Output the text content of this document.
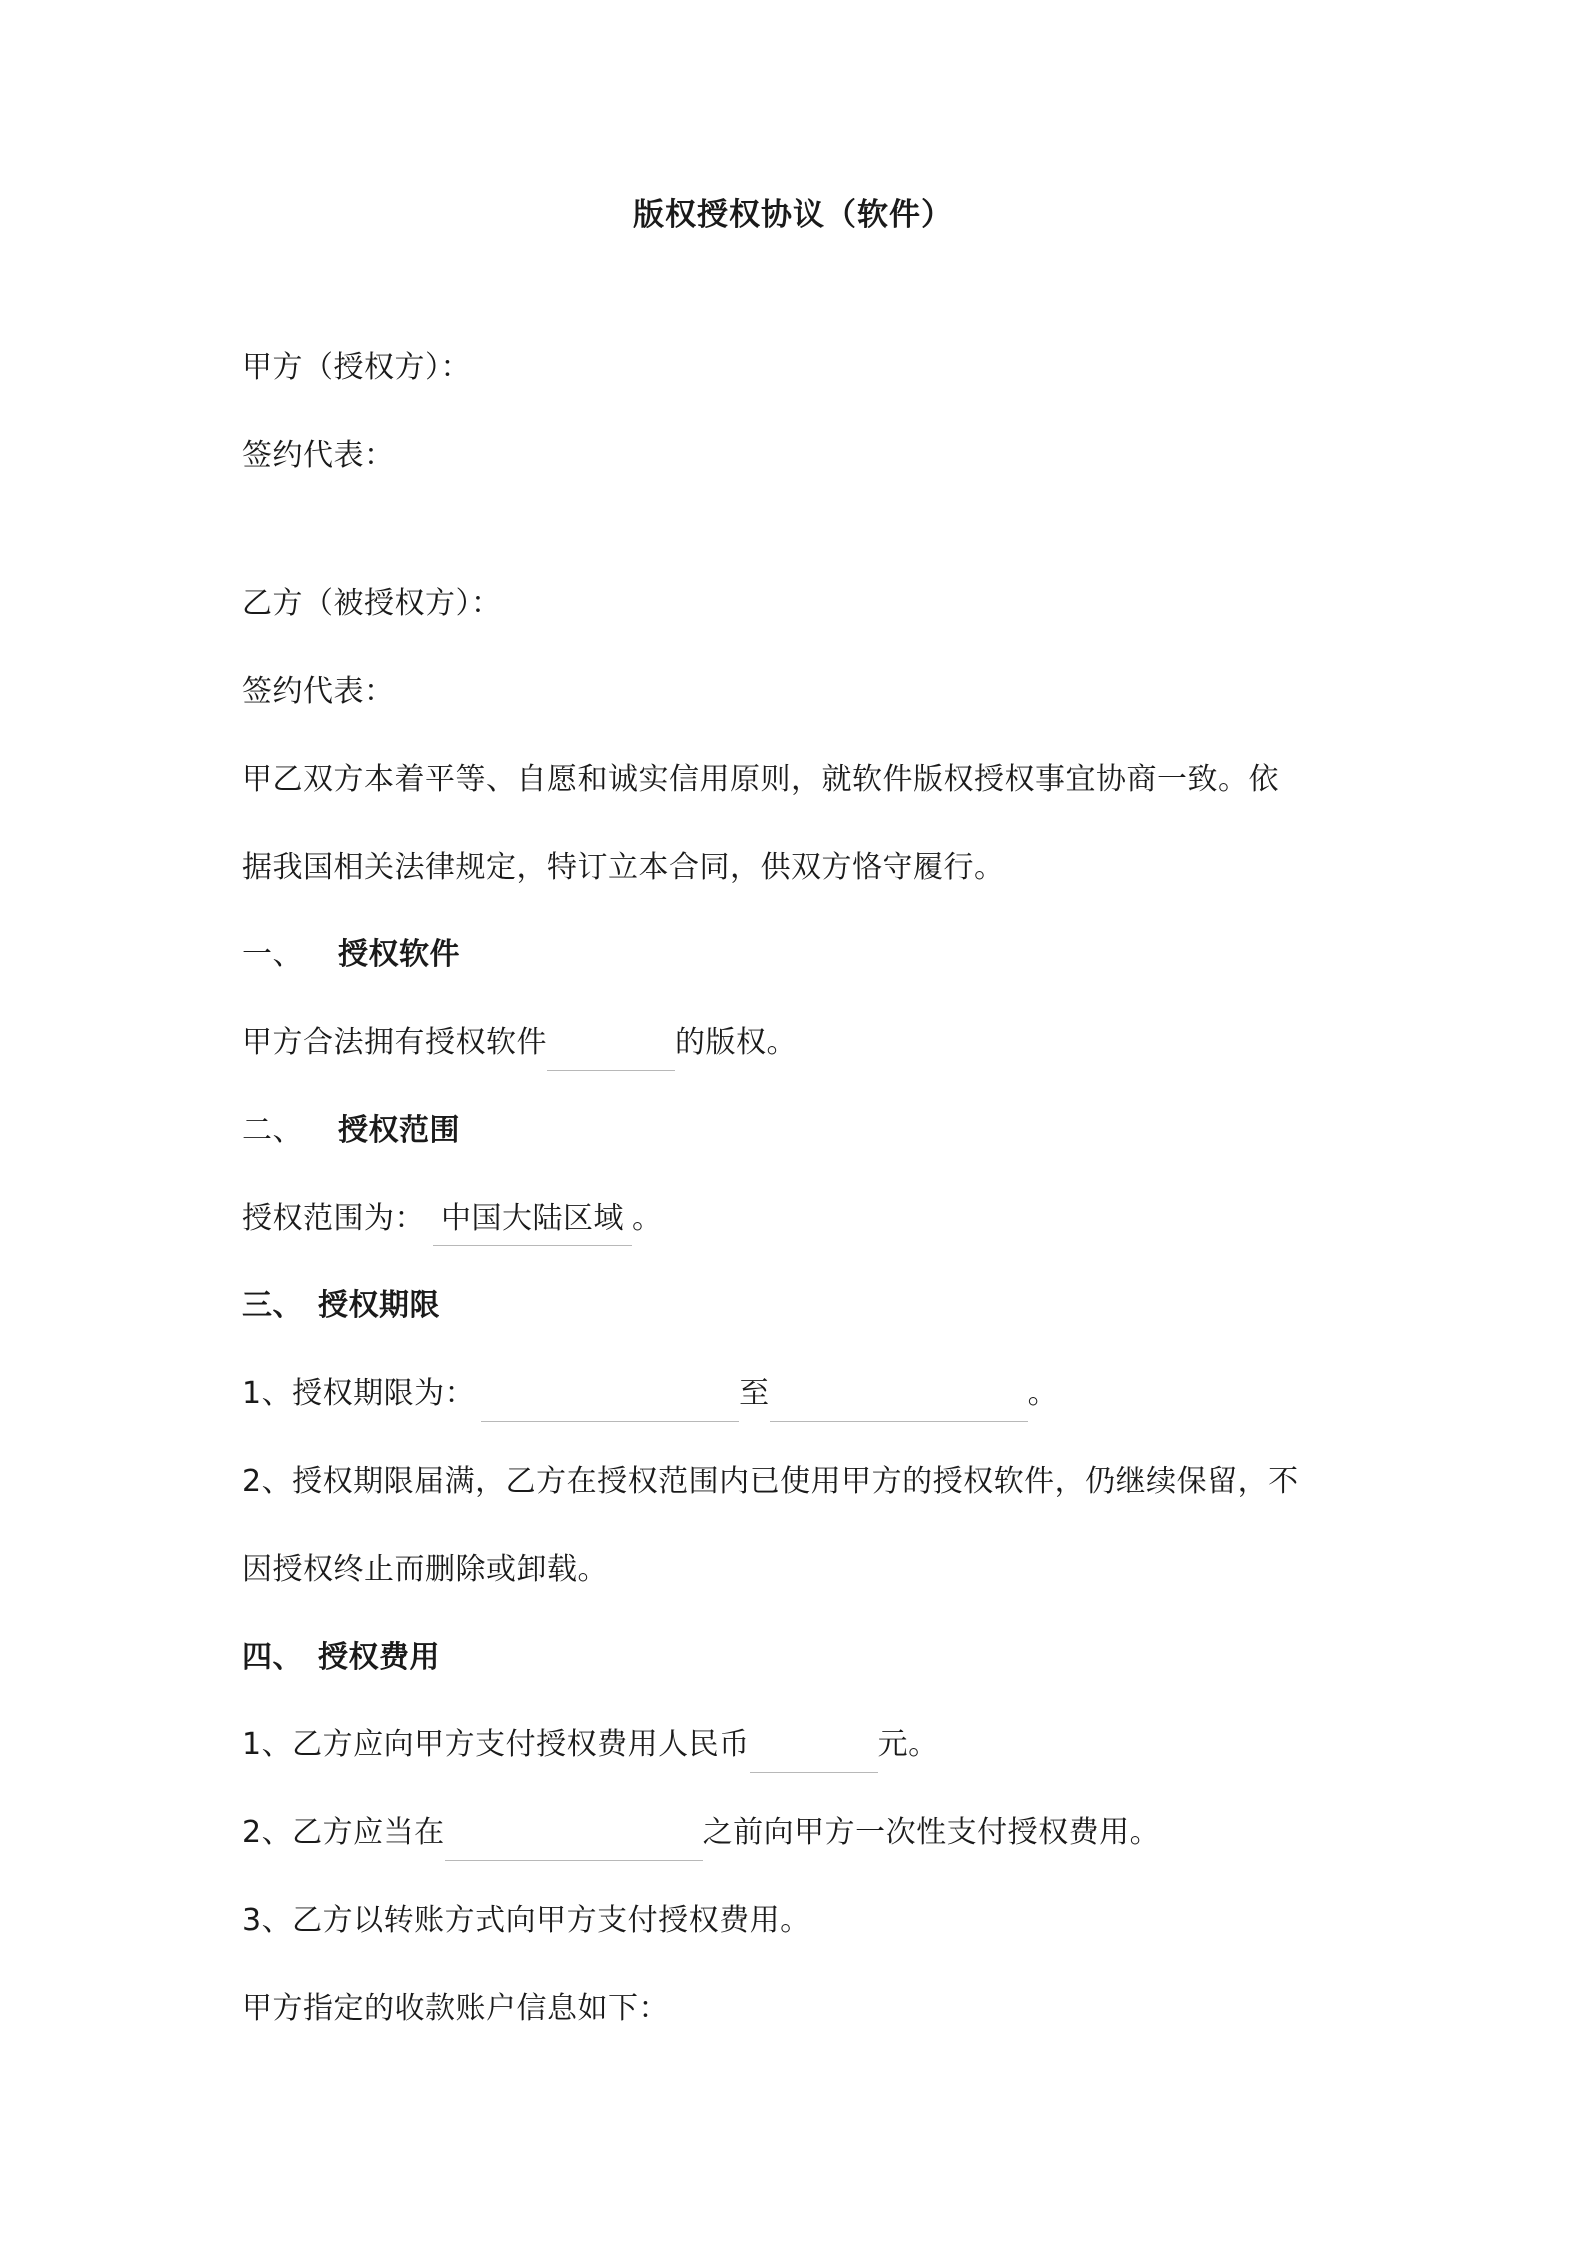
版权授权协议（软件）
甲方（授权方）：
签约代表：
乙方（被授权方）：
签约代表：
甲乙双方本着平等、自愿和诚实信用原则，就软件版权授权事宜协商一致。依
据我国相关法律规定，特订立本合同，供双方恪守履行。
一、 授权软件
甲方合法拥有授权软件	的版权。
二、 授权范围
授权范围为： 中国大陆区域 。
三、 授权期限
1、授权期限为：	至	。
2、授权期限届满，乙方在授权范围内已使用甲方的授权软件，仍继续保留，不
因授权终止而删除或卸载。
四、 授权费用
1、乙方应向甲方支付授权费用人民币	元。
2、乙方应当在	之前向甲方一次性支付授权费用。
3、乙方以转账方式向甲方支付授权费用。
甲方指定的收款账户信息如下：
